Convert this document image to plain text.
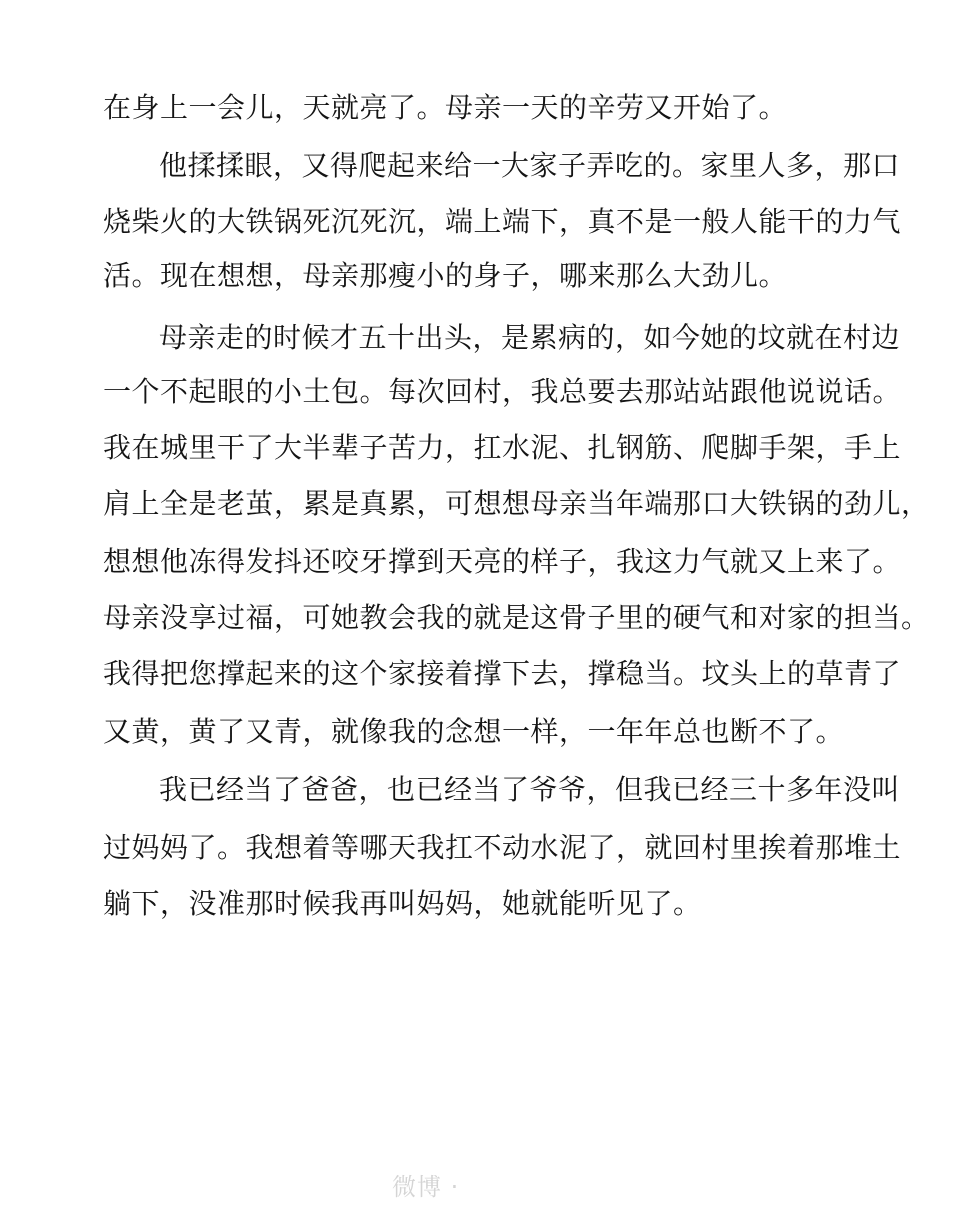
在身上一会儿，天就亮了。母亲一天的辛劳又开始了。
他揉揉眼，又得爬起来给一大家子弄吃的。家里人多，那口
烧柴火的大铁锅死沉死沉，端上端下，真不是一般人能干的力气
活。现在想想，母亲那瘦小的身子，哪来那么大劲儿。
母亲走的时候才五十出头，是累病的，如今她的坟就在村边
一个不起眼的小土包。每次回村，我总要去那站站跟他说说话。
我在城里干了大半辈子苦力，扛水泥、扎钢筋、爬脚手架，手上
肩上全是老茧，累是真累，可想想母亲当年端那口大铁锅的劲儿，
想想他冻得发抖还咬牙撑到天亮的样子，我这力气就又上来了。
母亲没享过福，可她教会我的就是这骨子里的硬气和对家的担当。
我得把您撑起来的这个家接着撑下去，撑稳当。坟头上的草青了
又黄，黄了又青，就像我的念想一样，一年年总也断不了。
我已经当了爸爸，也已经当了爷爷，但我已经三十多年没叫
过妈妈了。我想着等哪天我扛不动水泥了，就回村里挨着那堆土
躺下，没准那时候我再叫妈妈，她就能听见了。
微博 ·
